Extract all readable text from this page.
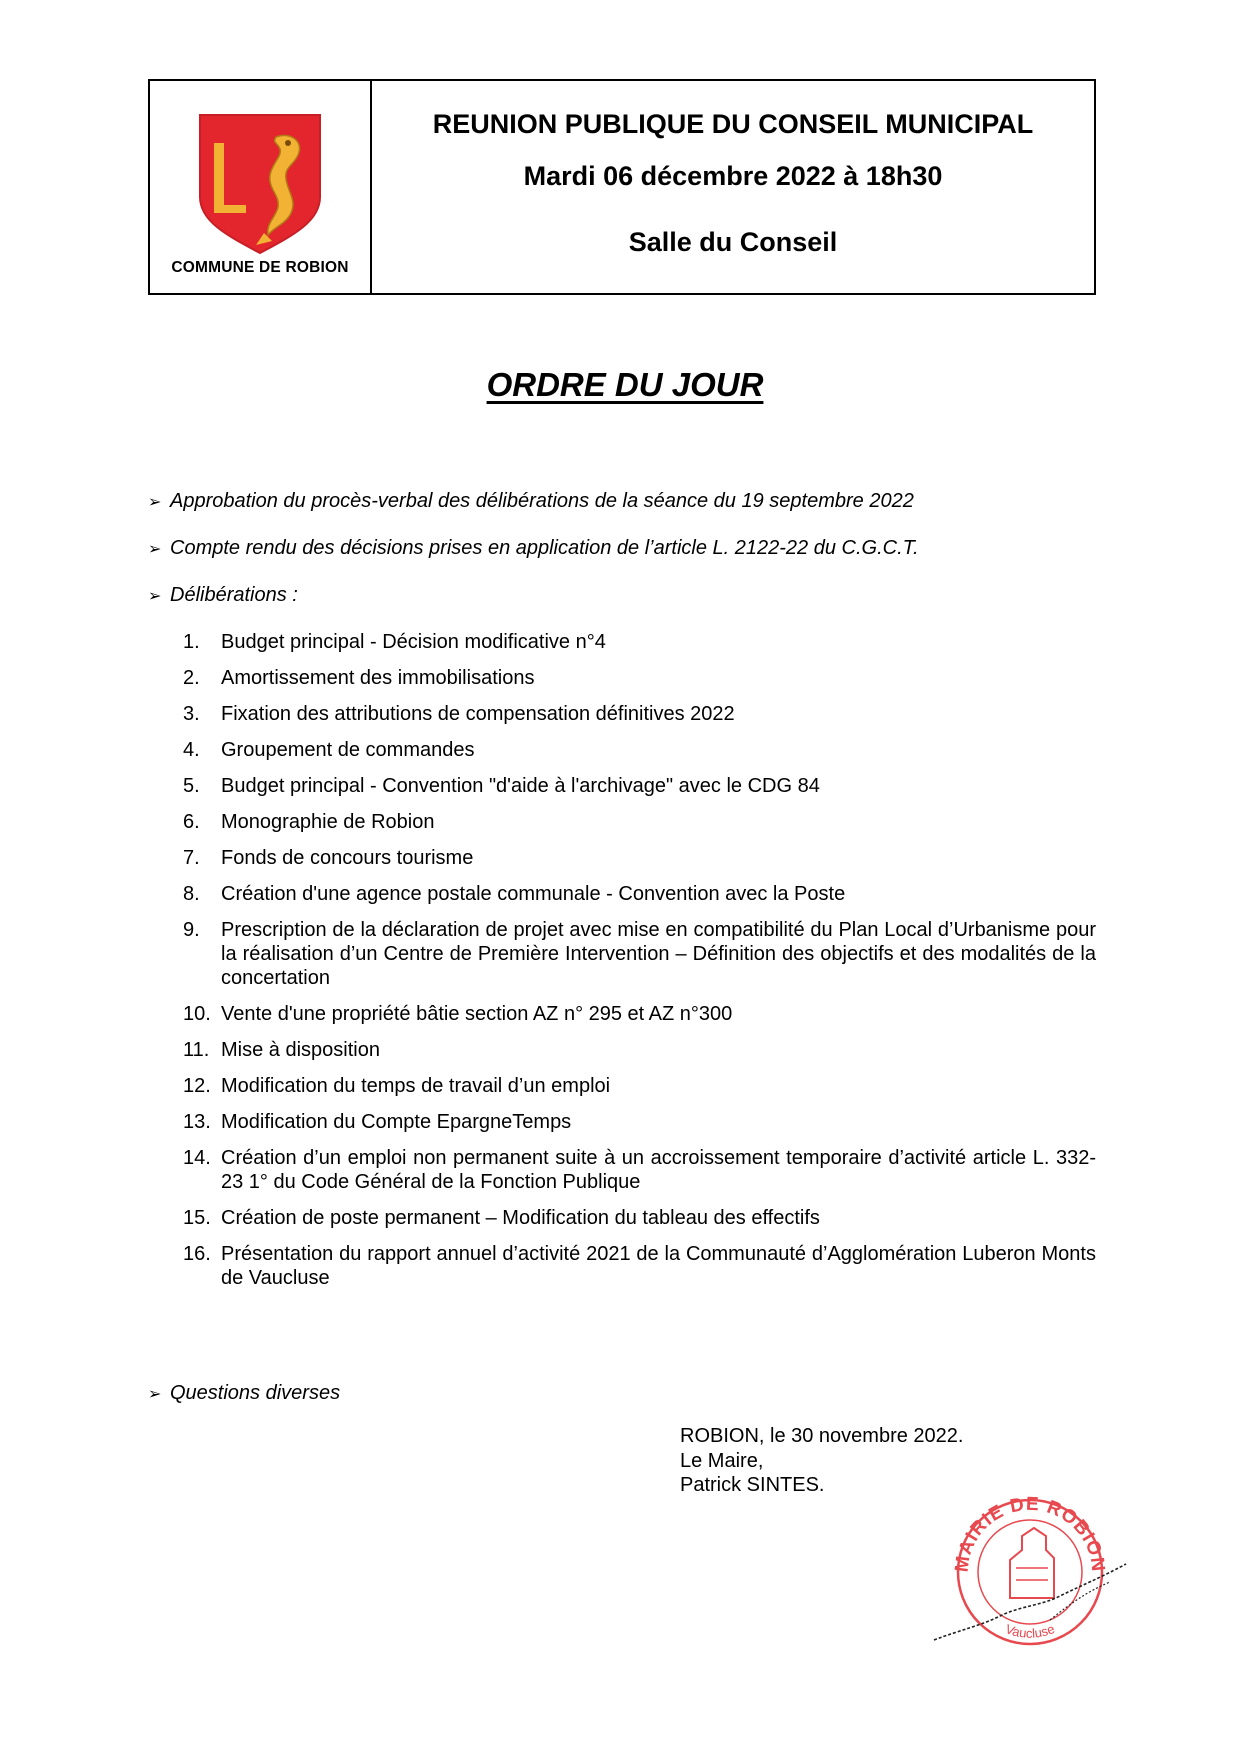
COMMUNE DE ROBION
REUNION PUBLIQUE DU CONSEIL MUNICIPAL
Mardi 06 décembre 2022 à 18h30
Salle du Conseil
ORDRE DU JOUR
➢ Approbation du procès-verbal des délibérations de la séance du 19 septembre 2022
➢ Compte rendu des décisions prises en application de l’article L. 2122-22 du C.G.C.T.
➢ Délibérations :
1.	Budget principal - Décision modificative n°4
2.	Amortissement des immobilisations
3.	Fixation des attributions de compensation définitives 2022
4.	Groupement de commandes
5.	Budget principal - Convention "d'aide à l'archivage" avec le CDG 84
6.	Monographie de Robion
7.	Fonds de concours tourisme
8.	Création d'une agence postale communale - Convention avec la Poste
9.	Prescription de la déclaration de projet avec mise en compatibilité du Plan Local d’Urbanisme pour la réalisation d’un Centre de Première Intervention – Définition des objectifs et des modalités de la concertation
10. Vente d'une propriété bâtie section AZ n° 295 et AZ n°300
11. Mise à disposition
12. Modification du temps de travail d’un emploi
13. Modification du Compte EpargneTemps
14. Création d’un emploi non permanent suite à un accroissement temporaire d’activité article L. 332-23 1° du Code Général de la Fonction Publique
15. Création de poste permanent – Modification du tableau des effectifs
16. Présentation du rapport annuel d’activité 2021 de la Communauté d’Agglomération Luberon Monts de Vaucluse
➢ Questions diverses
ROBION, le 30 novembre 2022.
Le Maire,
Patrick SINTES.
MAIRIE DE ROBION
Vaucluse
